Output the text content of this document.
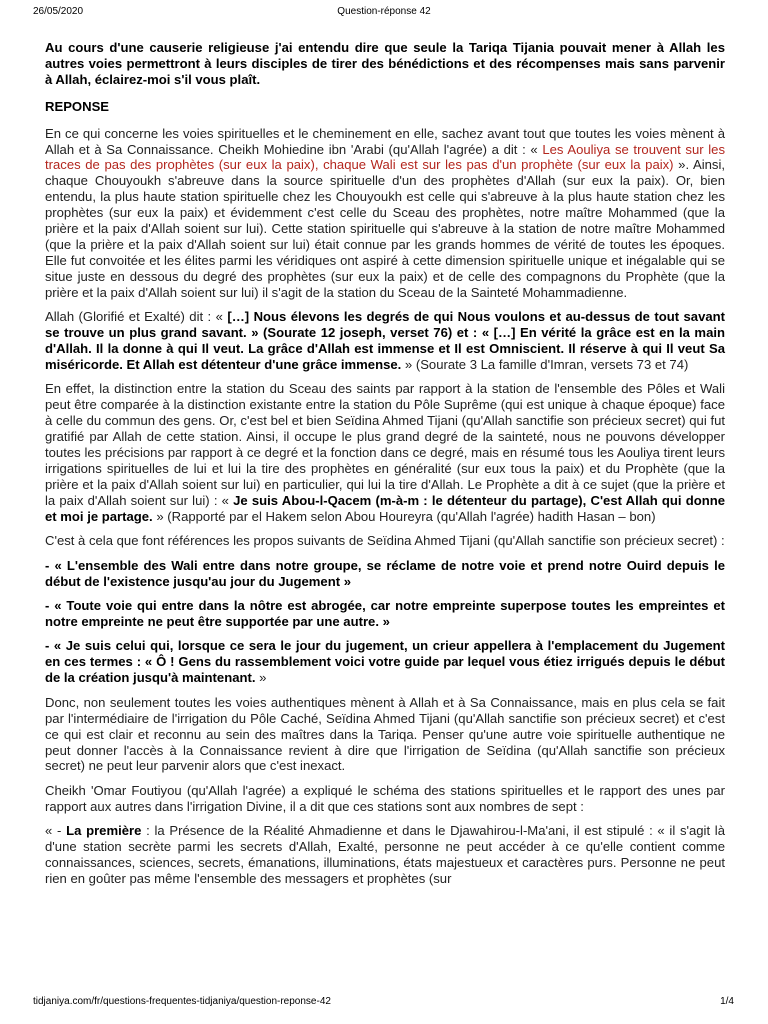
26/05/2020	Question-réponse 42

Au cours d'une causerie religieuse j'ai entendu dire que seule la Tariqa Tijania pouvait mener à Allah les autres voies permettront à leurs disciples de tirer des bénédictions et des récompenses mais sans parvenir à Allah, éclairez-moi s'il vous plaît.

REPONSE

En ce qui concerne les voies spirituelles et le cheminement en elle, sachez avant tout que toutes les voies mènent à Allah et à Sa Connaissance. Cheikh Mohiedine ibn 'Arabi (qu'Allah l'agrée) a dit : « Les Aouliya se trouvent sur les traces de pas des prophètes (sur eux la paix), chaque Wali est sur les pas d'un prophète (sur eux la paix) ». Ainsi, chaque Chouyoukh s'abreuve dans la source spirituelle d'un des prophètes d'Allah (sur eux la paix). Or, bien entendu, la plus haute station spirituelle chez les Chouyoukh est celle qui s'abreuve à la plus haute station chez les prophètes (sur eux la paix) et évidemment c'est celle du Sceau des prophètes, notre maître Mohammed (que la prière et la paix d'Allah soient sur lui). Cette station spirituelle qui s'abreuve à la station de notre maître Mohammed (que la prière et la paix d'Allah soient sur lui) était connue par les grands hommes de vérité de toutes les époques. Elle fut convoitée et les élites parmi les véridiques ont aspiré à cette dimension spirituelle unique et inégalable qui se situe juste en dessous du degré des prophètes (sur eux la paix) et de celle des compagnons du Prophète (que la prière et la paix d'Allah soient sur lui) il s'agit de la station du Sceau de la Sainteté Mohammadienne.

Allah (Glorifié et Exalté) dit : « […] Nous élevons les degrés de qui Nous voulons et au-dessus de tout savant se trouve un plus grand savant. » (Sourate 12 joseph, verset 76) et : « […] En vérité la grâce est en la main d'Allah. Il la donne à qui Il veut. La grâce d'Allah est immense et Il est Omniscient. Il réserve à qui Il veut Sa miséricorde. Et Allah est détenteur d'une grâce immense. » (Sourate 3 La famille d'Imran, versets 73 et 74)

En effet, la distinction entre la station du Sceau des saints par rapport à la station de l'ensemble des Pôles et Wali peut être comparée à la distinction existante entre la station du Pôle Suprême (qui est unique à chaque époque) face à celle du commun des gens. Or, c'est bel et bien Seïdina Ahmed Tijani (qu'Allah sanctifie son précieux secret) qui fut gratifié par Allah de cette station. Ainsi, il occupe le plus grand degré de la sainteté, nous ne pouvons développer toutes les précisions par rapport à ce degré et la fonction dans ce degré, mais en résumé tous les Aouliya tirent leurs irrigations spirituelles de lui et lui la tire des prophètes en généralité (sur eux tous la paix) et du Prophète (que la prière et la paix d'Allah soient sur lui) en particulier, qui lui la tire d'Allah. Le Prophète a dit à ce sujet (que la prière et la paix d'Allah soient sur lui) : « Je suis Abou-l-Qacem (m-à-m : le détenteur du partage), C'est Allah qui donne et moi je partage. » (Rapporté par el Hakem selon Abou Houreyra (qu'Allah l'agrée) hadith Hasan – bon)

C'est à cela que font références les propos suivants de Seïdina Ahmed Tijani (qu'Allah sanctifie son précieux secret) :

- « L'ensemble des Wali entre dans notre groupe, se réclame de notre voie et prend notre Ouird depuis le début de l'existence jusqu'au jour du Jugement »

- « Toute voie qui entre dans la nôtre est abrogée, car notre empreinte superpose toutes les empreintes et notre empreinte ne peut être supportée par une autre. »

- « Je suis celui qui, lorsque ce sera le jour du jugement, un crieur appellera à l'emplacement du Jugement en ces termes : « Ô ! Gens du rassemblement voici votre guide par lequel vous étiez irrigués depuis le début de la création jusqu'à maintenant. »

Donc, non seulement toutes les voies authentiques mènent à Allah et à Sa Connaissance, mais en plus cela se fait par l'intermédiaire de l'irrigation du Pôle Caché, Seïdina Ahmed Tijani (qu'Allah sanctifie son précieux secret) et c'est ce qui est clair et reconnu au sein des maîtres dans la Tariqa. Penser qu'une autre voie spirituelle authentique ne peut donner l'accès à la Connaissance revient à dire que l'irrigation de Seïdina (qu'Allah sanctifie son précieux secret) ne peut leur parvenir alors que c'est inexact.

Cheikh 'Omar Foutiyou (qu'Allah l'agrée) a expliqué le schéma des stations spirituelles et le rapport des unes par rapport aux autres dans l'irrigation Divine, il a dit que ces stations sont aux nombres de sept :

« - La première : la Présence de la Réalité Ahmadienne et dans le Djawahirou-l-Ma'ani, il est stipulé : « il s'agit là d'une station secrète parmi les secrets d'Allah, Exalté, personne ne peut accéder à ce qu'elle contient comme connaissances, sciences, secrets, émanations, illuminations, états majestueux et caractères purs. Personne ne peut rien en goûter pas même l'ensemble des messagers et prophètes (sur

tidjaniya.com/fr/questions-frequentes-tidjaniya/question-reponse-42	1/4
